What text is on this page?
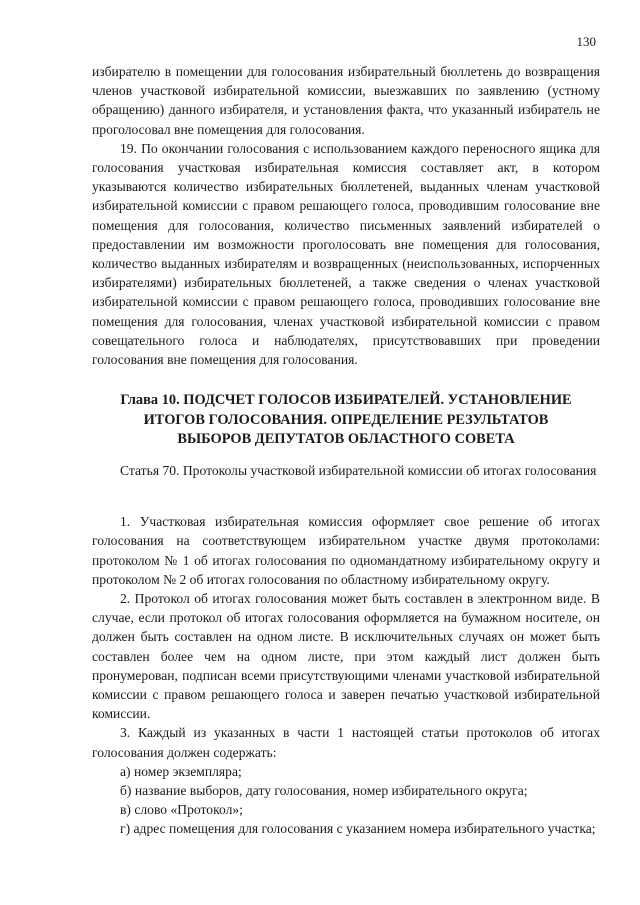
130

избирателю в помещении для голосования избирательный бюллетень до возвращения членов участковой избирательной комиссии, выезжавших по заявлению (устному обращению) данного избирателя, и установления факта, что указанный избиратель не проголосовал вне помещения для голосования.

19. По окончании голосования с использованием каждого переносного ящика для голосования участковая избирательная комиссия составляет акт, в котором указываются количество избирательных бюллетеней, выданных членам участковой избирательной комиссии с правом решающего голоса, проводившим голосование вне помещения для голосования, количество письменных заявлений избирателей о предоставлении им возможности проголосовать вне помещения для голосования, количество выданных избирателям и возвращенных (неиспользованных, испорченных избирателями) избирательных бюллетеней, а также сведения о членах участковой избирательной комиссии с правом решающего голоса, проводивших голосование вне помещения для голосования, членах участковой избирательной комиссии с правом совещательного голоса и наблюдателях, присутствовавших при проведении голосования вне помещения для голосования.

Глава 10. ПОДСЧЕТ ГОЛОСОВ ИЗБИРАТЕЛЕЙ. УСТАНОВЛЕНИЕ

ИТОГОВ ГОЛОСОВАНИЯ. ОПРЕДЕЛЕНИЕ РЕЗУЛЬТАТОВ

ВЫБОРОВ ДЕПУТАТОВ ОБЛАСТНОГО СОВЕТА

Статья 70. Протоколы участковой избирательной комиссии об итогах голосования

1. Участковая избирательная комиссия оформляет свое решение об итогах голосования на соответствующем избирательном участке двумя протоколами: протоколом № 1 об итогах голосования по одномандатному избирательному округу и протоколом № 2 об итогах голосования по областному избирательному округу.

2. Протокол об итогах голосования может быть составлен в электронном виде. В случае, если протокол об итогах голосования оформляется на бумажном носителе, он должен быть составлен на одном листе. В исключительных случаях он может быть составлен более чем на одном листе, при этом каждый лист должен быть пронумерован, подписан всеми присутствующими членами участковой избирательной комиссии с правом решающего голоса и заверен печатью участковой избирательной комиссии.

3. Каждый из указанных в части 1 настоящей статьи протоколов об итогах голосования должен содержать:

а) номер экземпляра;

б) название выборов, дату голосования, номер избирательного округа;

в) слово «Протокол»;

г) адрес помещения для голосования с указанием номера избирательного участка;
